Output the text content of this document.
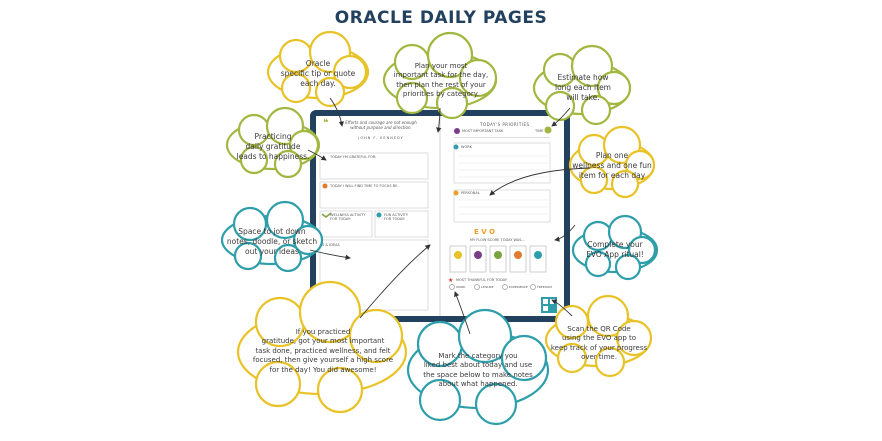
ORACLE DAILY PAGES
❝
★
Efforts and courage are not enough
without purpose and direction.
JOHN F. KENNEDY
TODAY I'M GRATEFUL FOR:
TODAY I WILL FIND TIME TO FOCUS BY...
WELLNESS ACTIVITY
FOR TODAY:
FUN ACTIVITY
FOR TODAY:
S & IDEAS
TODAY'S PRIORITIES
MOST IMPORTANT TASK	TIME
WORK
PERSONAL
E V O
MY FLOW SCORE TODAY WAS...
MOST THANKFUL FOR TODAY
WORK	LEISURE	EXPERIENCE	FREEDOM
Oracle
specific tip or quote
each day.
Practicing
daily gratitude
leads to happiness.
Space to jot down
notes, doodle, or sketch
out your ideas
Plan your most
important task for the day,
then plan the rest of your
priorities by category.
Estimate how
long each item
will take.
Plan one
wellness and one fun
item for each day
Complete your
EVO App ritual!
Scan the QR Code
using the EVO app to
keep track of your progress
over time.
If you practiced
gratitude, got your most important
task done, practiced wellness, and felt
focused, then give yourself a high score
for the day! You did awesome!
Mark the category you
liked best about today and use
the space below to make notes
about what happened.
